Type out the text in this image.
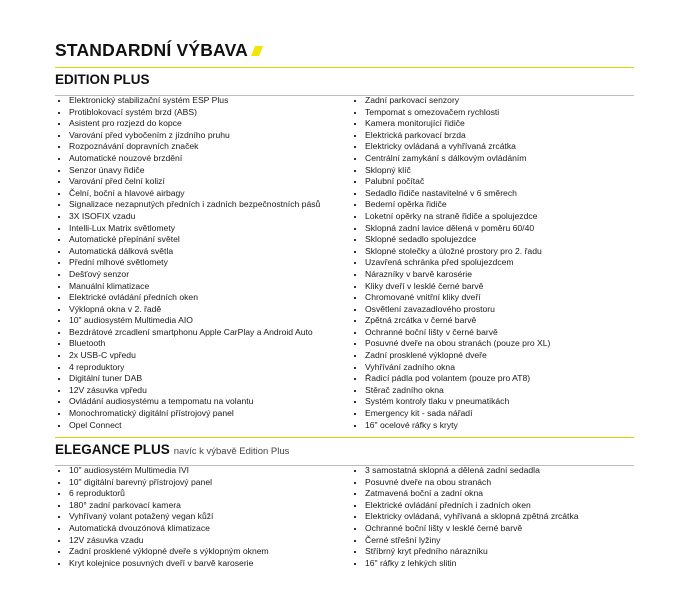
STANDARDNÍ VÝBAVA
EDITION PLUS
Elektronický stabilizační systém ESP Plus
Protiblokovací systém brzd (ABS)
Asistent pro rozjezd do kopce
Varování před vybočením z jízdního pruhu
Rozpoznávání dopravních značek
Automatické nouzové brzdění
Senzor únavy řidiče
Varování před čelní kolizí
Čelní, boční a hlavové airbagy
Signalizace nezapnutých předních i zadních bezpečnostních pásů
3X ISOFIX vzadu
Intelli-Lux Matrix světlomety
Automatické přepínání světel
Automatická dálková světla
Přední mlhové světlomety
Dešťový senzor
Manuální klimatizace
Elektrické ovládání předních oken
Výklopná okna v 2. řadě
10" audiosystém Multimedia AIO
Bezdrátové zrcadlení smartphonu Apple CarPlay a Android Auto
Bluetooth
2x USB-C vpředu
4 reproduktory
Digitální tuner DAB
12V zásuvka vpředu
Ovládání audiosystému a tempomatu na volantu
Monochromatický digitální přístrojový panel
Opel Connect
Zadní parkovací senzory
Tempomat s omezovačem rychlosti
Kamera monitorující řidiče
Elektrická parkovací brzda
Elektricky ovládaná a vyhřívaná zrcátka
Centrální zamykání s dálkovým ovládáním
Sklopný klíč
Palubní počítač
Sedadlo řidiče nastavitelné v 6 směrech
Bederní opěrka řidiče
Loketní opěrky na straně řidiče a spolujezdce
Sklopná zadní lavice dělená v poměru 60/40
Sklopné sedadlo spolujezdce
Sklopné stolečky a úložné prostory pro 2. řadu
Uzavřená schránka před spolujezdcem
Nárazníky v barvě karosérie
Kliky dveří v lesklé černé barvě
Chromované vnitřní kliky dveří
Osvětlení zavazadlového prostoru
Zpětná zrcátka v černé barvě
Ochranné boční lišty v černé barvě
Posuvné dveře na obou stranách (pouze pro XL)
Zadní prosklené výklopné dveře
Vyhřívání zadního okna
Řadicí pádla pod volantem (pouze pro AT8)
Stěrač zadního okna
Systém kontroly tlaku v pneumatikách
Emergency kit - sada nářadí
16" ocelové ráfky s kryty
ELEGANCE PLUS navíc k výbavě Edition Plus
10" audiosystém Multimedia IVI
10" digitální barevný přístrojový panel
6 reproduktorů
180° zadní parkovací kamera
Vyhřívaný volant potažený vegan kůží
Automatická dvouzónová klimatizace
12V zásuvka vzadu
Zadní prosklené výklopné dveře s výklopným oknem
Kryt kolejnice posuvných dveří v barvě karoserie
3 samostatná sklopná a dělená zadní sedadla
Posuvné dveře na obou stranách
Zatmavená boční a zadní okna
Elektrické ovládání předních i zadních oken
Elektricky ovládaná, vyhřívaná a sklopná zpětná zrcátka
Ochranné boční lišty v lesklé černé barvě
Černé střešní lyžiny
Stříbrný kryt předního nárazníku
16" ráfky z lehkých slitin
